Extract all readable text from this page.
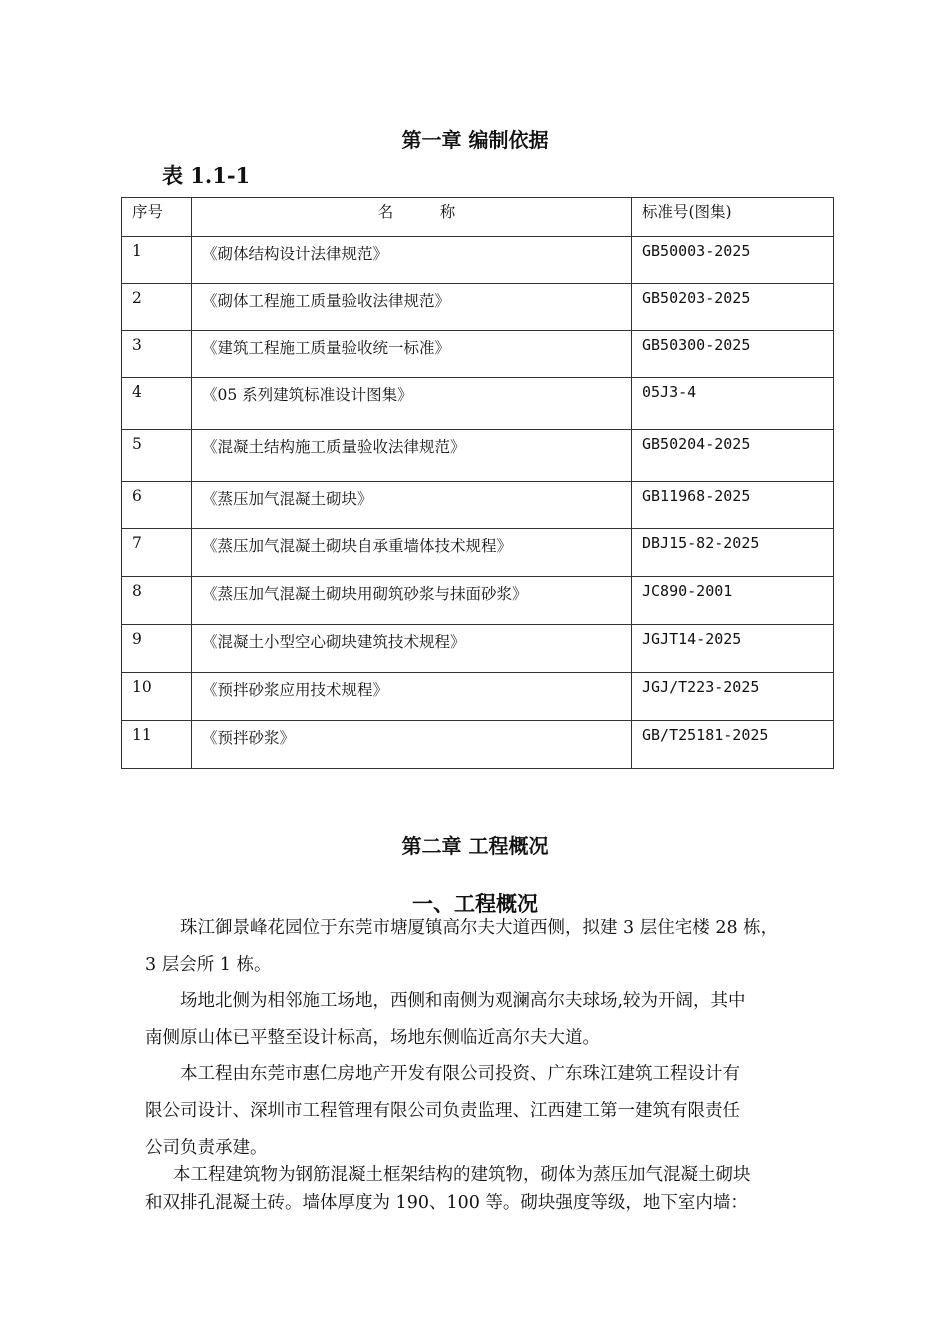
第一章 编制依据
表 1.1-1
序号	名　　　称	标准号(图集)
1	《砌体结构设计法律规范》	GB50003-2025
2	《砌体工程施工质量验收法律规范》	GB50203-2025
3	《建筑工程施工质量验收统一标准》	GB50300-2025
4	《05 系列建筑标准设计图集》	05J3-4
5	《混凝土结构施工质量验收法律规范》	GB50204-2025
6	《蒸压加气混凝土砌块》	GB11968-2025
7	《蒸压加气混凝土砌块自承重墙体技术规程》	DBJ15-82-2025
8	《蒸压加气混凝土砌块用砌筑砂浆与抹面砂浆》	JC890-2001
9	《混凝土小型空心砌块建筑技术规程》	JGJT14-2025
10	《预拌砂浆应用技术规程》	JGJ/T223-2025
11	《预拌砂浆》	GB/T25181-2025
第二章 工程概况
一、工程概况

珠江御景峰花园位于东莞市塘厦镇高尔夫大道西侧，拟建 3 层住宅楼 28 栋，
3 层会所 1 栋。

场地北侧为相邻施工场地，西侧和南侧为观澜高尔夫球场,较为开阔，其中
南侧原山体已平整至设计标高，场地东侧临近高尔夫大道。

本工程由东莞市惠仁房地产开发有限公司投资、广东珠江建筑工程设计有
限公司设计、深圳市工程管理有限公司负责监理、江西建工第一建筑有限责任
公司负责承建。

本工程建筑物为钢筋混凝土框架结构的建筑物，砌体为蒸压加气混凝土砌块
和双排孔混凝土砖。墙体厚度为 190、100 等。砌块强度等级，地下室内墙：
